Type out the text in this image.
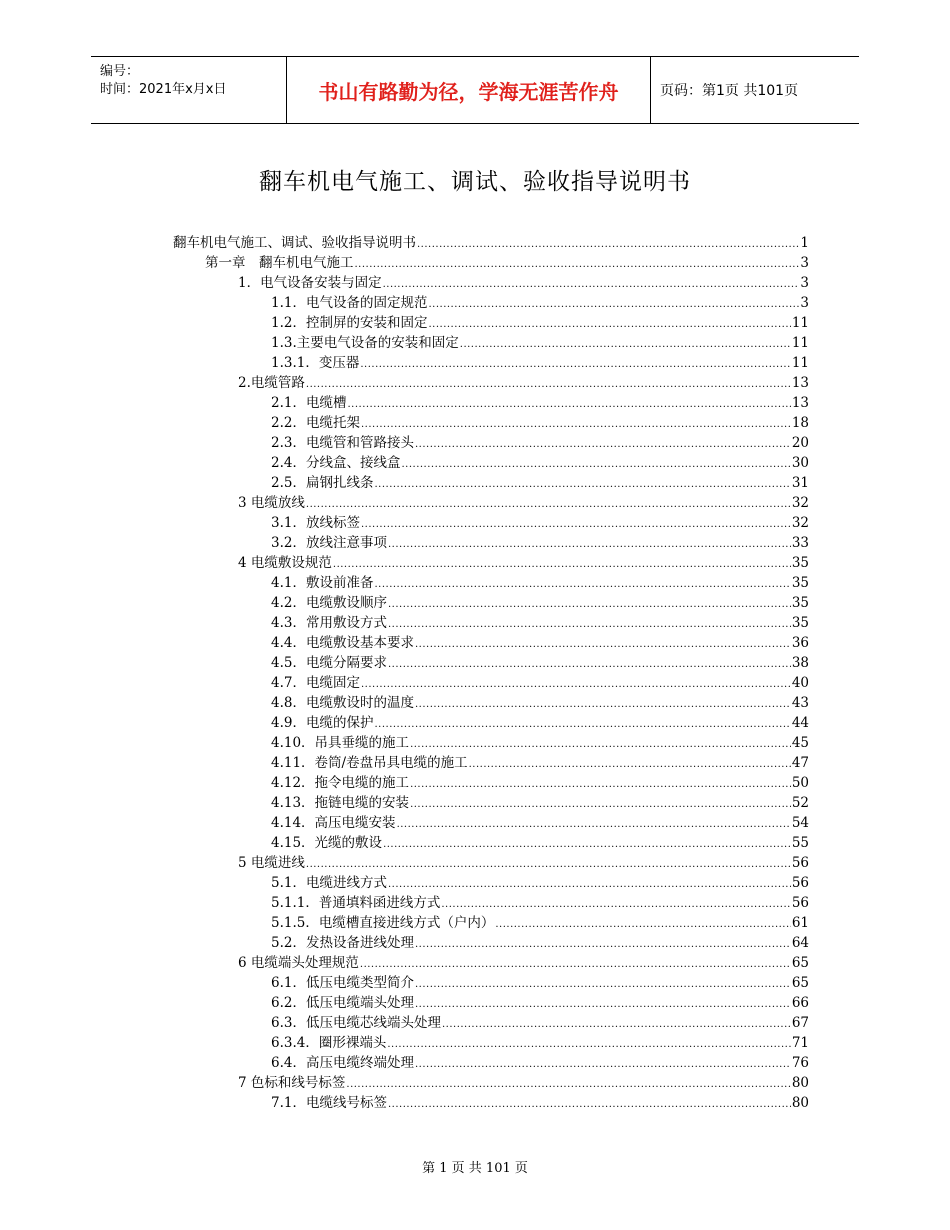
编号：
时间：2021年x月x日	书山有路勤为径，学海无涯苦作舟	页码：第1页 共101页
翻车机电气施工、调试、验收指导说明书
翻车机电气施工、调试、验收指导说明书 .....	1
第一章　翻车机电气施工 .....	3
1．电气设备安装与固定 .....	3
1.1．电气设备的固定规范 .....	3
1.2．控制屏的安装和固定 .....	11
1.3.主要电气设备的安装和固定 .....	11
1.3.1．变压器 .....	11
2.电缆管路 .....	13
2.1．电缆槽 .....	13
2.2．电缆托架 .....	18
2.3．电缆管和管路接头 .....	20
2.4．分线盒、接线盒 .....	30
2.5．扁钢扎线条 .....	31
3 电缆放线 .....	32
3.1．放线标签 .....	32
3.2．放线注意事项 .....	33
4 电缆敷设规范 .....	35
4.1．敷设前准备 .....	35
4.2．电缆敷设顺序 .....	35
4.3．常用敷设方式 .....	35
4.4．电缆敷设基本要求 .....	36
4.5．电缆分隔要求 .....	38
4.7．电缆固定 .....	40
4.8．电缆敷设时的温度 .....	43
4.9．电缆的保护 .....	44
4.10．吊具垂缆的施工 .....	45
4.11．卷筒/卷盘吊具电缆的施工 .....	47
4.12．拖令电缆的施工 .....	50
4.13．拖链电缆的安装 .....	52
4.14．高压电缆安装 .....	54
4.15．光缆的敷设 .....	55
5 电缆进线 .....	56
5.1．电缆进线方式 .....	56
5.1.1．普通填料函进线方式 .....	56
5.1.5．电缆槽直接进线方式（户内） .....	61
5.2．发热设备进线处理 .....	64
6 电缆端头处理规范 .....	65
6.1．低压电缆类型简介 .....	65
6.2．低压电缆端头处理 .....	66
6.3．低压电缆芯线端头处理 .....	67
6.3.4．圈形裸端头 .....	71
6.4．高压电缆终端处理 .....	76
7 色标和线号标签 .....	80
7.1．电缆线号标签 .....	80
第 1 页 共 101 页
